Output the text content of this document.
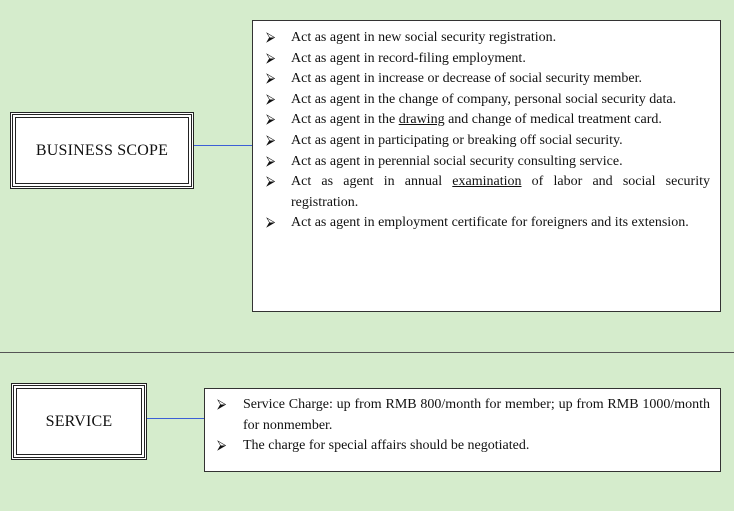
BUSINESS SCOPE
⮚	Act as agent in new social security registration.
⮚	Act as agent in record-filing employment.
⮚	Act as agent in increase or decrease of social security member.
⮚	Act as agent in the change of company, personal social security data.
⮚	Act as agent in the drawing and change of medical treatment card.
⮚	Act as agent in participating or breaking off social security.
⮚	Act as agent in perennial social security consulting service.
⮚	Act as agent in annual examination of labor and social security registration.
⮚	Act as agent in employment certificate for foreigners and its extension.
SERVICE
⮚	Service Charge: up from RMB 800/month for member; up from RMB 1000/month for nonmember.
⮚	The charge for special affairs should be negotiated.
